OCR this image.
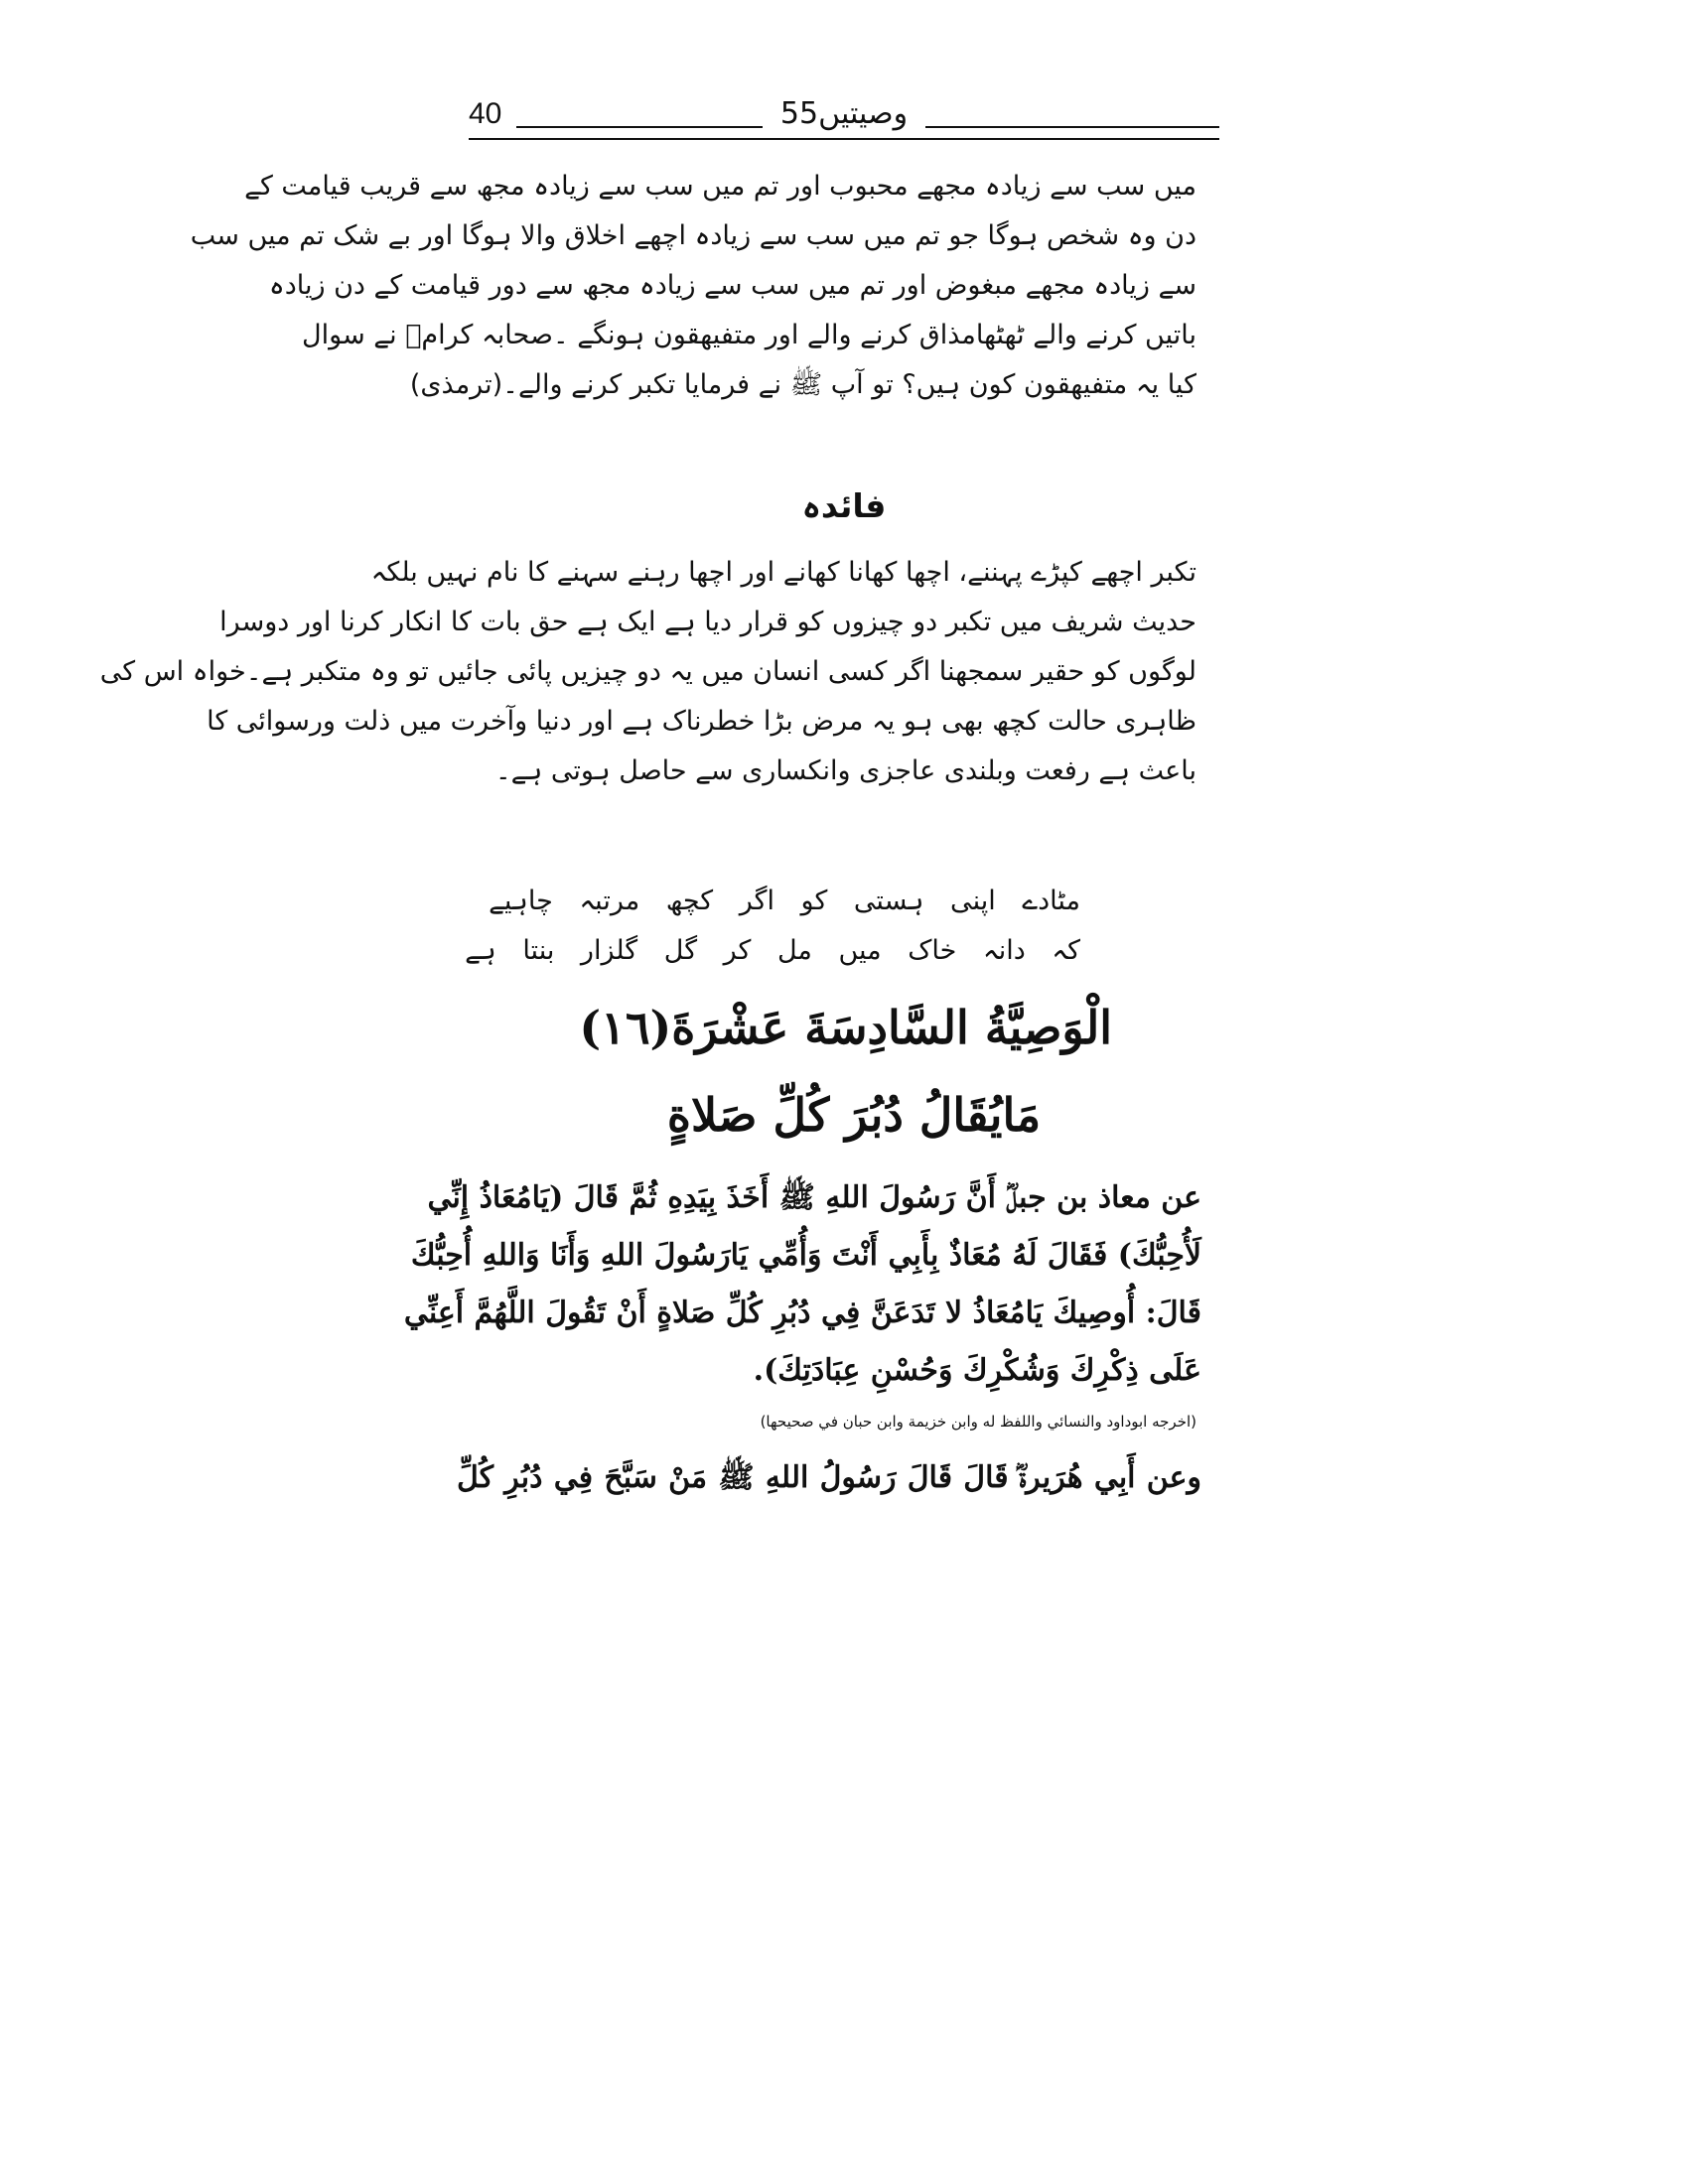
40	55وصیتیں
میں سب سے زیادہ مجھے محبوب اور تم میں سب سے زیادہ مجھ سے قریب قیامت کے
دن وہ شخص ہوگا جو تم میں سب سے زیادہ اچھے اخلاق والا ہوگا اور بے شک تم میں سب
سے زیادہ مجھے مبغوض اور تم میں سب سے زیادہ مجھ سے دور قیامت کے دن زیادہ
باتیں کرنے والے ٹھٹھامذاق کرنے والے اور متفیھقون ہونگے ۔صحابہ کرامؓ نے سوال
کیا یہ متفیھقون کون ہیں؟ تو آپ ﷺ نے فرمایا تکبر کرنے والے۔(ترمذی)
فائدہ
تکبر اچھے کپڑے پہننے، اچھا کھانا کھانے اور اچھا رہنے سہنے کا نام نہیں بلکہ
حدیث شریف میں تکبر دو چیزوں کو قرار دیا ہے ایک ہے حق بات کا انکار کرنا اور دوسرا
لوگوں کو حقیر سمجھنا اگر کسی انسان میں یہ دو چیزیں پائی جائیں تو وہ متکبر ہے۔خواہ اس کی
ظاہری حالت کچھ بھی ہو یہ مرض بڑا خطرناک ہے اور دنیا وآخرت میں ذلت ورسوائی کا
باعث ہے رفعت وبلندی عاجزی وانکساری سے حاصل ہوتی ہے۔
مٹادے اپنی ہستی کو اگر کچھ مرتبہ چاہیے
کہ دانہ خاک میں مل کر گل گلزار بنتا ہے
الْوَصِيَّةُ السَّادِسَةَ عَشْرَةَ(١٦)
مَايُقَالُ دُبُرَ كُلِّ صَلاةٍ
عن معاذ بن جبلؓ أَنَّ رَسُولَ اللهِ ﷺ أَخَذَ بِيَدِهِ ثُمَّ قَالَ (يَامُعَاذُ إِنِّي
لَأُحِبُّكَ) فَقَالَ لَهُ مُعَاذٌ بِأَبِي أَنْتَ وَأُمِّي يَارَسُولَ اللهِ وَأَنَا وَاللهِ أُحِبُّكَ
قَالَ: أُوصِيكَ يَامُعَاذُ لا تَدَعَنَّ فِي دُبُرِ كُلِّ صَلاةٍ أَنْ تَقُولَ اللَّهُمَّ أَعِنِّي
عَلَى ذِكْرِكَ وَشُكْرِكَ وَحُسْنِ عِبَادَتِكَ).
(اخرجه ابوداود والنسائي واللفظ له وابن خزيمة وابن حبان في صحيحها)
وعن أَبِي هُرَيرةؓ قَالَ قَالَ رَسُولُ اللهِ ﷺ مَنْ سَبَّحَ فِي دُبُرِ كُلِّ
